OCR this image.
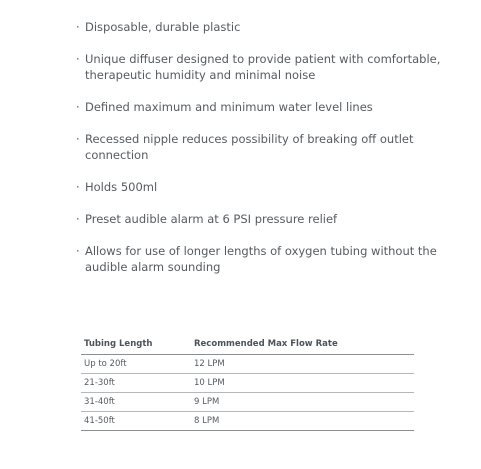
· Disposable, durable plastic
· Unique diffuser designed to provide patient with comfortable, therapeutic humidity and minimal noise
· Defined maximum and minimum water level lines
· Recessed nipple reduces possibility of breaking off outlet connection
· Holds 500ml
· Preset audible alarm at 6 PSI pressure relief
· Allows for use of longer lengths of oxygen tubing without the audible alarm sounding
Tubing Length	Recommended Max Flow Rate
Up to 20ft	12 LPM
21-30ft	10 LPM
31-40ft	9 LPM
41-50ft	8 LPM
